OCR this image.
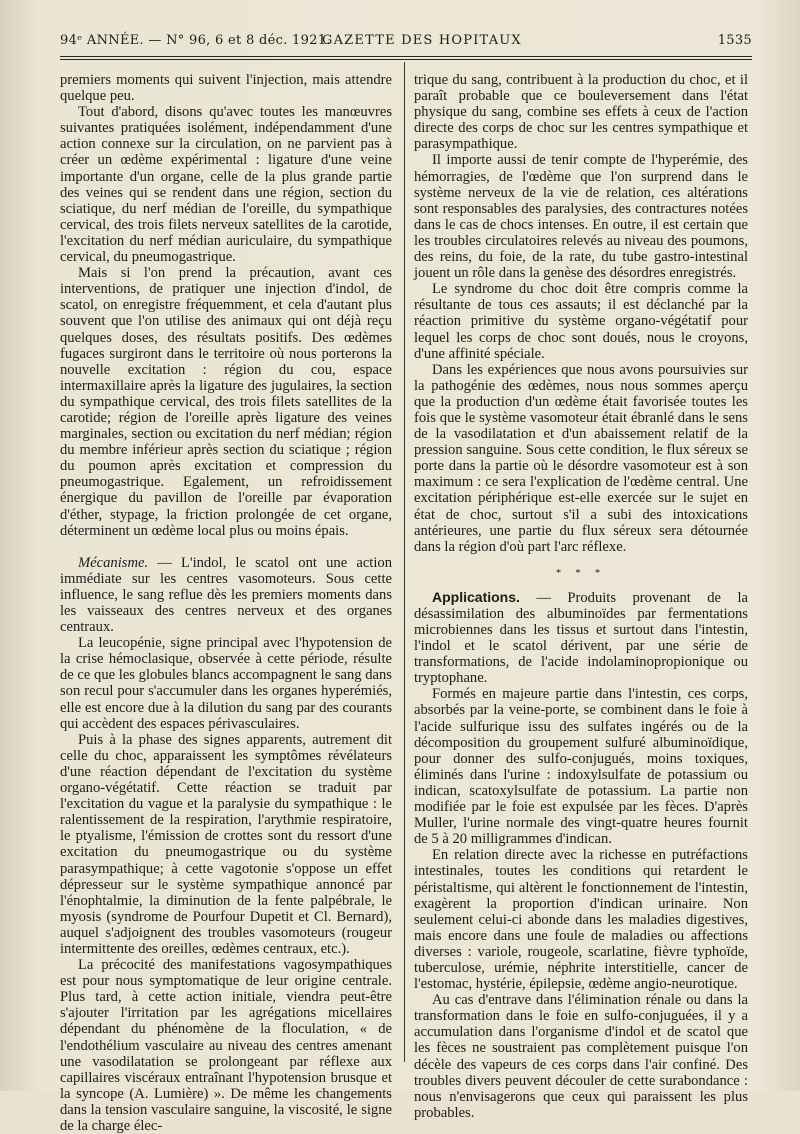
94ᵉ ANNÉE. — N° 96, 6 et 8 déc. 1921.
GAZETTE DES HOPITAUX	1535

premiers moments qui suivent l'injection, mais attendre quelque peu.

Tout d'abord, disons qu'avec toutes les manœuvres suivantes pratiquées isolément, indépendamment d'une action connexe sur la circulation, on ne parvient pas à créer un œdème expérimental : ligature d'une veine importante d'un organe, celle de la plus grande partie des veines qui se rendent dans une région, section du sciatique, du nerf médian de l'oreille, du sympathique cervical, des trois filets nerveux satellites de la carotide, l'excitation du nerf médian auriculaire, du sympathique cervical, du pneumogastrique.

Mais si l'on prend la précaution, avant ces interventions, de pratiquer une injection d'indol, de scatol, on enregistre fréquemment, et cela d'autant plus souvent que l'on utilise des animaux qui ont déjà reçu quelques doses, des résultats positifs. Des œdèmes fugaces surgiront dans le territoire où nous porterons la nouvelle excitation : région du cou, espace intermaxillaire après la ligature des jugulaires, la section du sympathique cervical, des trois filets satellites de la carotide; région de l'oreille après ligature des veines marginales, section ou excitation du nerf médian; région du membre inférieur après section du sciatique ; région du poumon après excitation et compression du pneumogastrique. Egalement, un refroidissement énergique du pavillon de l'oreille par évaporation d'éther, stypage, la friction prolongée de cet organe, déterminent un œdème local plus ou moins épais.

Mécanisme. — L'indol, le scatol ont une action immédiate sur les centres vasomoteurs. Sous cette influence, le sang reflue dès les premiers moments dans les vaisseaux des centres nerveux et des organes centraux.

La leucopénie, signe principal avec l'hypotension de la crise hémoclasique, observée à cette période, résulte de ce que les globules blancs accompagnent le sang dans son recul pour s'accumuler dans les organes hyperémiés, elle est encore due à la dilution du sang par des courants qui accèdent des espaces périvasculaires.

Puis à la phase des signes apparents, autrement dit celle du choc, apparaissent les symptômes révélateurs d'une réaction dépendant de l'excitation du système organo-végétatif. Cette réaction se traduit par l'excitation du vague et la paralysie du sympathique : le ralentissement de la respiration, l'arythmie respiratoire, le ptyalisme, l'émission de crottes sont du ressort d'une excitation du pneumogastrique ou du système parasympathique; à cette vagotonie s'oppose un effet dépresseur sur le système sympathique annoncé par l'énophtalmie, la diminution de la fente palpébrale, le myosis (syndrome de Pourfour Dupetit et Cl. Bernard), auquel s'adjoignent des troubles vasomoteurs (rougeur intermittente des oreilles, œdèmes centraux, etc.).

La précocité des manifestations vagosympathiques est pour nous symptomatique de leur origine centrale. Plus tard, à cette action initiale, viendra peut-être s'ajouter l'irritation par les agrégations micellaires dépendant du phénomène de la floculation, « de l'endothélium vasculaire au niveau des centres amenant une vasodilatation se prolongeant par réflexe aux capillaires viscéraux entraînant l'hypotension brusque et la syncope (A. Lumière) ». De même les changements dans la tension vasculaire sanguine, la viscosité, le signe de la charge élec-

trique du sang, contribuent à la production du choc, et il paraît probable que ce bouleversement dans l'état physique du sang, combine ses effets à ceux de l'action directe des corps de choc sur les centres sympathique et parasympathique.

Il importe aussi de tenir compte de l'hyperémie, des hémorragies, de l'œdème que l'on surprend dans le système nerveux de la vie de relation, ces altérations sont responsables des paralysies, des contractures notées dans le cas de chocs intenses. En outre, il est certain que les troubles circulatoires relevés au niveau des poumons, des reins, du foie, de la rate, du tube gastro-intestinal jouent un rôle dans la genèse des désordres enregistrés.

Le syndrome du choc doit être compris comme la résultante de tous ces assauts; il est déclanché par la réaction primitive du système organo-végétatif pour lequel les corps de choc sont doués, nous le croyons, d'une affinité spéciale.

Dans les expériences que nous avons poursuivies sur la pathogénie des œdèmes, nous nous sommes aperçu que la production d'un œdème était favorisée toutes les fois que le système vasomoteur était ébranlé dans le sens de la vasodilatation et d'un abaissement relatif de la pression sanguine. Sous cette condition, le flux séreux se porte dans la partie où le désordre vasomoteur est à son maximum : ce sera l'explication de l'œdème central. Une excitation périphérique est-elle exercée sur le sujet en état de choc, surtout s'il a subi des intoxications antérieures, une partie du flux séreux sera détournée dans la région d'où part l'arc réflexe.

* * *

Applications. — Produits provenant de la désassimilation des albuminoïdes par fermentations microbiennes dans les tissus et surtout dans l'intestin, l'indol et le scatol dérivent, par une série de transformations, de l'acide indolaminopropionique ou tryptophane.

Formés en majeure partie dans l'intestin, ces corps, absorbés par la veine-porte, se combinent dans le foie à l'acide sulfurique issu des sulfates ingérés ou de la décomposition du groupement sulfuré albuminoïdique, pour donner des sulfo-conjugués, moins toxiques, éliminés dans l'urine : indoxylsulfate de potassium ou indican, scatoxylsulfate de potassium. La partie non modifiée par le foie est expulsée par les fèces. D'après Muller, l'urine normale des vingt-quatre heures fournit de 5 à 20 milligrammes d'indican.

En relation directe avec la richesse en putréfactions intestinales, toutes les conditions qui retardent le péristaltisme, qui altèrent le fonctionnement de l'intestin, exagèrent la proportion d'indican urinaire. Non seulement celui-ci abonde dans les maladies digestives, mais encore dans une foule de maladies ou affections diverses : variole, rougeole, scarlatine, fièvre typhoïde, tuberculose, urémie, néphrite interstitielle, cancer de l'estomac, hystérie, épilepsie, œdème angio-neurotique.

Au cas d'entrave dans l'élimination rénale ou dans la transformation dans le foie en sulfo-conjuguées, il y a accumulation dans l'organisme d'indol et de scatol que les fèces ne soustraient pas complètement puisque l'on décèle des vapeurs de ces corps dans l'air confiné. Des troubles divers peuvent découler de cette surabondance : nous n'envisagerons que ceux qui paraissent les plus probables.
